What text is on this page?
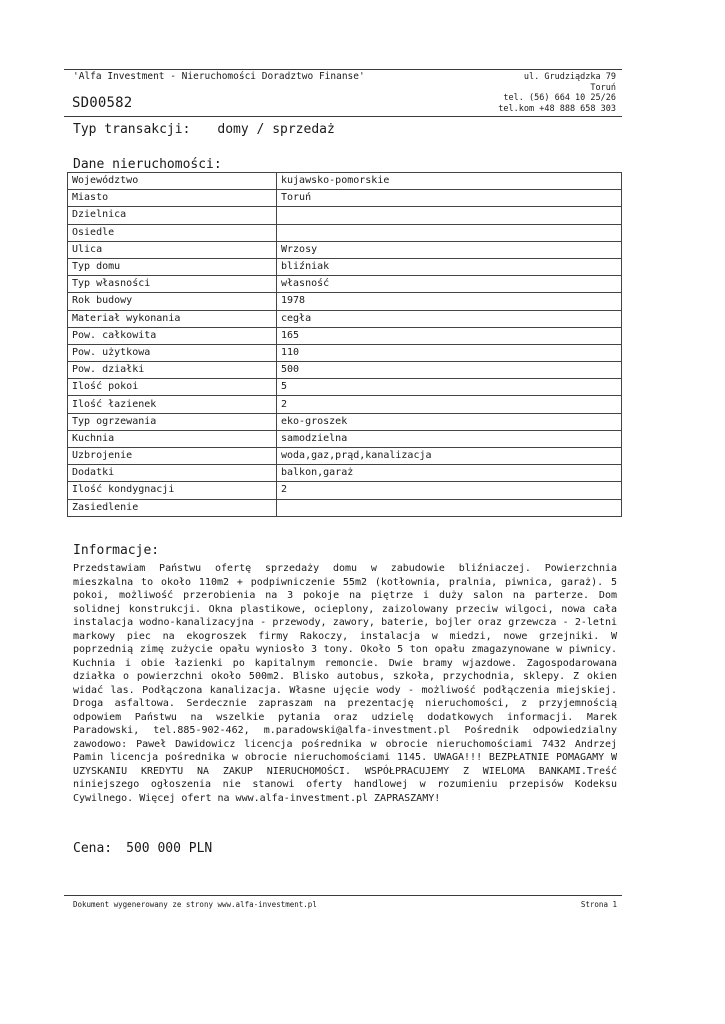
'Alfa Investment - Nieruchomości Doradztwo Finanse'
SD00582
ul. Grudziądzka 79
Toruń
tel. (56) 664 10 25/26
tel.kom +48 888 658 303
Typ transakcji: domy / sprzedaż
Dane nieruchomości:
Województwo	kujawsko-pomorskie
Miasto	Toruń
Dzielnica	
Osiedle	
Ulica	Wrzosy
Typ domu	bliźniak
Typ własności	własność
Rok budowy	1978
Materiał wykonania	cegła
Pow. całkowita	165
Pow. użytkowa	110
Pow. działki	500
Ilość pokoi	5
Ilość łazienek	2
Typ ogrzewania	eko-groszek
Kuchnia	samodzielna
Uzbrojenie	woda,gaz,prąd,kanalizacja
Dodatki	balkon,garaż
Ilość kondygnacji	2
Zasiedlenie	
Informacje:

Przedstawiam Państwu ofertę sprzedaży domu w zabudowie bliźniaczej. Powierzchnia mieszkalna to około 110m2 + podpiwniczenie 55m2 (kotłownia, pralnia, piwnica, garaż). 5 pokoi, możliwość przerobienia na 3 pokoje na piętrze i duży salon na parterze. Dom solidnej konstrukcji. Okna plastikowe, ocieplony, zaizolowany przeciw wilgoci, nowa cała instalacja wodno-kanalizacyjna - przewody, zawory, baterie, bojler oraz grzewcza - 2-letni markowy piec na ekogroszek firmy Rakoczy, instalacja w miedzi, nowe grzejniki. W poprzednią zimę zużycie opału wyniosło 3 tony. Około 5 ton opału zmagazynowane w piwnicy. Kuchnia i obie łazienki po kapitalnym remoncie. Dwie bramy wjazdowe. Zagospodarowana działka o powierzchni około 500m2. Blisko autobus, szkoła, przychodnia, sklepy. Z okien widać las. Podłączona kanalizacja. Własne ujęcie wody - możliwość podłączenia miejskiej. Droga asfaltowa. Serdecznie zapraszam na prezentację nieruchomości, z przyjemnością odpowiem Państwu na wszelkie pytania oraz udzielę dodatkowych informacji. Marek Paradowski, tel.885-902-462, m.paradowski@alfa-investment.pl Pośrednik odpowiedzialny zawodowo: Paweł Dawidowicz licencja pośrednika w obrocie nieruchomościami 7432 Andrzej Pamin licencja pośrednika w obrocie nieruchomościami 1145. UWAGA!!! BEZPŁATNIE POMAGAMY W UZYSKANIU KREDYTU NA ZAKUP NIERUCHOMOŚCI. WSPÓŁPRACUJEMY Z WIELOMA BANKAMI.Treść niniejszego ogłoszenia nie stanowi oferty handlowej w rozumieniu przepisów Kodeksu Cywilnego. Więcej ofert na www.alfa-investment.pl ZAPRASZAMY!

Cena: 500 000 PLN
Dokument wygenerowany ze strony www.alfa-investment.pl	Strona 1
